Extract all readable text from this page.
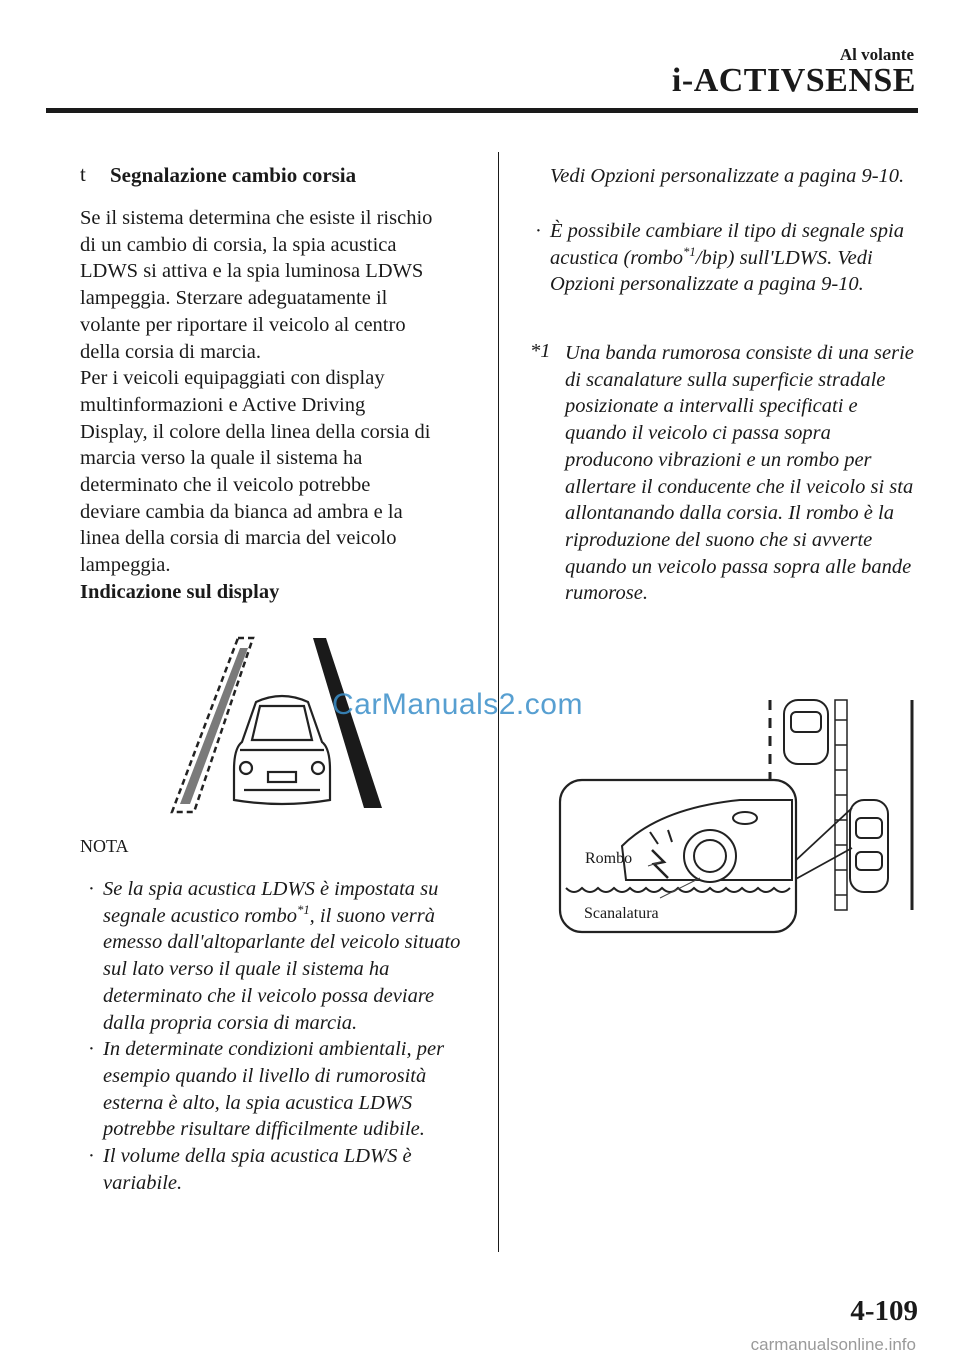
Al volante
i-ACTIVSENSE
t Segnalazione cambio corsia
Se il sistema determina che esiste il rischio
di un cambio di corsia, la spia acustica
LDWS si attiva e la spia luminosa LDWS
lampeggia. Sterzare adeguatamente il
volante per riportare il veicolo al centro
della corsia di marcia.
Per i veicoli equipaggiati con display
multinformazioni e Active Driving
Display, il colore della linea della corsia di
marcia verso la quale il sistema ha
determinato che il veicolo potrebbe
deviare cambia da bianca ad ambra e la
linea della corsia di marcia del veicolo
lampeggia.
Indicazione sul display
Rombo
Scanalatura
NOTA
· Se la spia acustica LDWS è impostata su segnale acustico rombo$^{*1}$, il suono verrà emesso dall'altoparlante del veicolo situato sul lato verso il quale il sistema ha determinato che il veicolo possa deviare dalla propria corsia di marcia.
· In determinate condizioni ambientali, per esempio quando il livello di rumorosità esterna è alto, la spia acustica LDWS potrebbe risultare difficilmente udibile.
· Il volume della spia acustica LDWS è variabile.
Vedi Opzioni personalizzate a pagina 9-10.
· È possibile cambiare il tipo di segnale spia acustica (rombo$^{*1}$/bip) sull'LDWS. Vedi Opzioni personalizzate a pagina 9-10.
*1 Una banda rumorosa consiste di una serie di scanalature sulla superficie stradale posizionate a intervalli specificati e quando il veicolo ci passa sopra producono vibrazioni e un rombo per allertare il conducente che il veicolo si sta allontanando dalla corsia. Il rombo è la riproduzione del suono che si avverte quando un veicolo passa sopra alle bande rumorose.
CarManuals2.com
4-109
carmanualsonline.info
